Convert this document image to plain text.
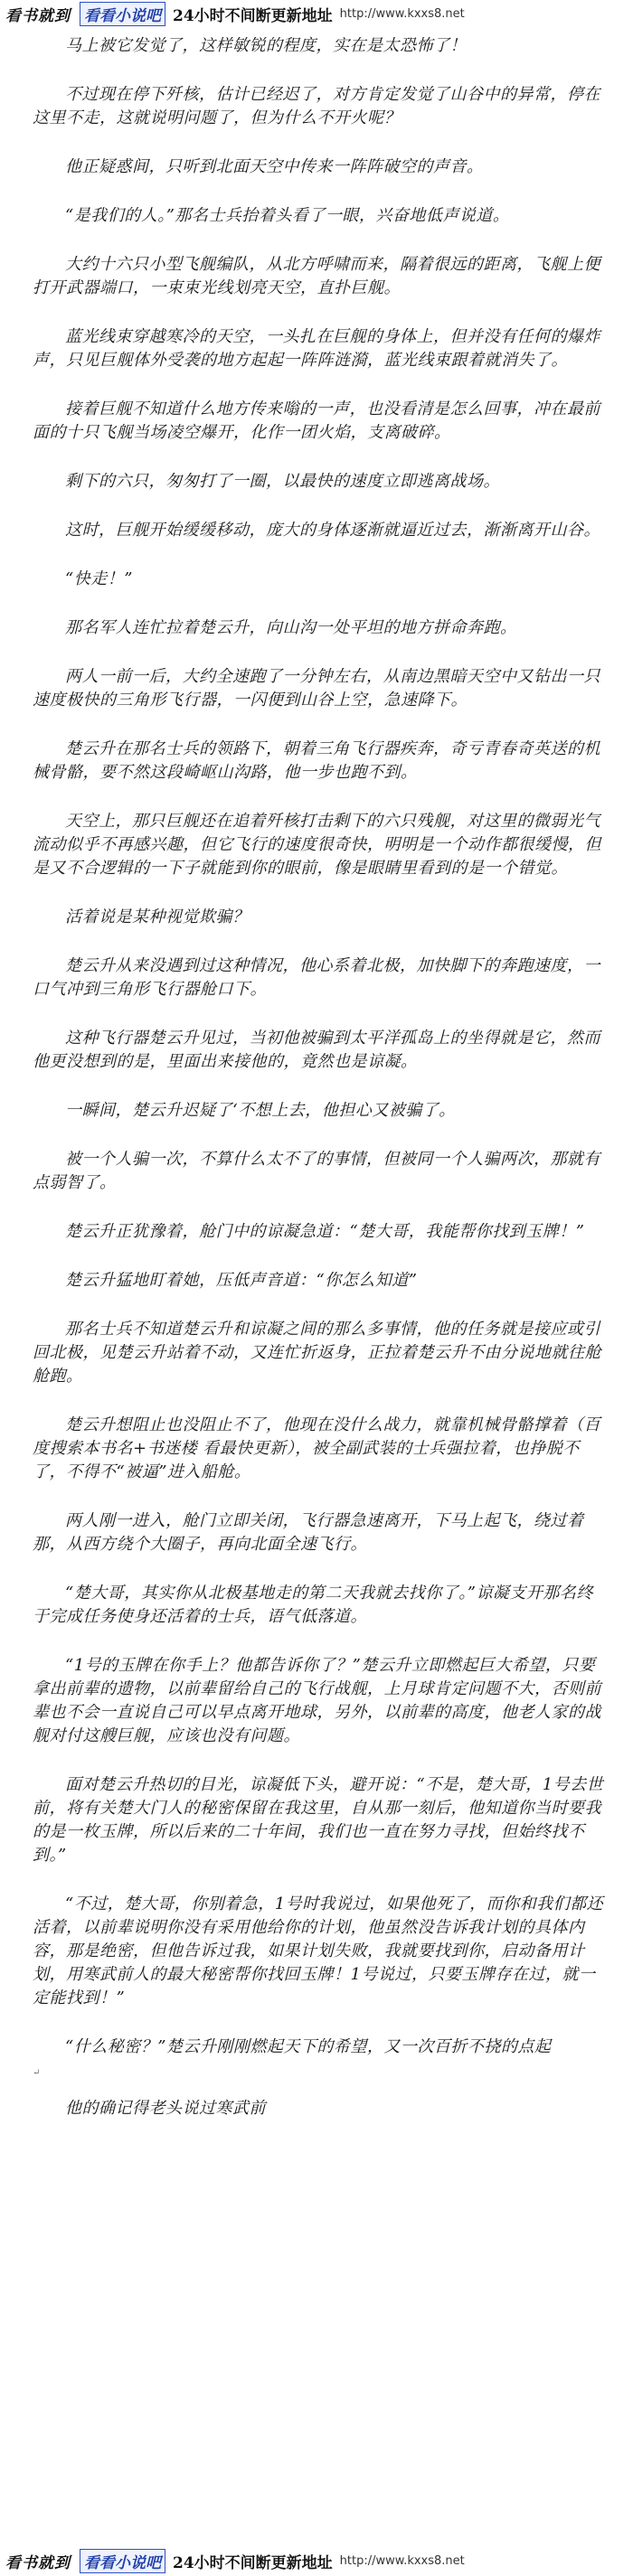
看书就到 看看小说吧 24小时不间断更新地址 http://www.kxxs8.net

马上被它发觉了，这样敏锐的程度，实在是太恐怖了！

不过现在停下歼核，估计已经迟了，对方肯定发觉了山谷中的异常，停在这里不走，这就说明问题了，但为什么不开火呢？

他正疑惑间，只听到北面天空中传来一阵阵破空的声音。

“是我们的人。”那名士兵抬着头看了一眼，兴奋地低声说道。

大约十六只小型飞舰编队，从北方呼啸而来，隔着很远的距离，飞舰上便打开武器端口，一束束光线划亮天空，直扑巨舰。

蓝光线束穿越寒冷的天空，一头扎在巨舰的身体上，但并没有任何的爆炸声，只见巨舰体外受袭的地方起起一阵阵涟漪，蓝光线束跟着就消失了。

接着巨舰不知道什么地方传来嗡的一声，也没看清是怎么回事，冲在最前面的十只飞舰当场凌空爆开，化作一团火焰，支离破碎。

剩下的六只，匆匆打了一圈，以最快的速度立即逃离战场。

这时，巨舰开始缓缓移动，庞大的身体逐渐就逼近过去，渐渐离开山谷。

“快走！”

那名军人连忙拉着楚云升，向山沟一处平坦的地方拼命奔跑。

两人一前一后，大约全速跑了一分钟左右，从南边黑暗天空中又钻出一只速度极快的三角形飞行器，一闪便到山谷上空，急速降下。

楚云升在那名士兵的领路下，朝着三角飞行器疾奔，奇亏青春奇英送的机械骨骼，要不然这段崎岖山沟路，他一步也跑不到。

天空上，那只巨舰还在追着歼核打击剩下的六只残舰，对这里的微弱光气流动似乎不再感兴趣，但它飞行的速度很奇快，明明是一个动作都很缓慢，但是又不合逻辑的一下子就能到你的眼前，像是眼睛里看到的是一个错觉。

活着说是某种视觉欺骗？

楚云升从来没遇到过这种情况，他心系着北极，加快脚下的奔跑速度，一口气冲到三角形飞行器舱口下。

这种飞行器楚云升见过，当初他被骗到太平洋孤岛上的坐得就是它，然而他更没想到的是，里面出来接他的，竟然也是谅凝。

一瞬间，楚云升迟疑了‘不想上去，他担心又被骗了。

被一个人骗一次，不算什么太不了的事情，但被同一个人骗两次，那就有点弱智了。

楚云升正犹豫着，舱门中的谅凝急道：“楚大哥，我能帮你找到玉牌！”

楚云升猛地盯着她，压低声音道：“你怎么知道”

那名士兵不知道楚云升和谅凝之间的那么多事情，他的任务就是接应或引回北极，见楚云升站着不动，又连忙折返身，正拉着楚云升不由分说地就往舱舱跑。

楚云升想阻止也没阻止不了，他现在没什么战力，就靠机械骨骼撑着（百度搜索本书名+书迷楼 看最快更新），被全副武装的士兵强拉着，也挣脱不了，不得不“被逼”进入船舱。

两人刚一进入，舱门立即关闭，飞行器急速离开，下马上起飞，绕过着那，从西方绕个大圈子，再向北面全速飞行。

“楚大哥，其实你从北极基地走的第二天我就去找你了。”谅凝支开那名终于完成任务使身还活着的士兵，语气低落道。

“1号的玉牌在你手上？他都告诉你了？”楚云升立即燃起巨大希望，只要拿出前辈的遗物，以前辈留给自己的飞行战舰，上月球肯定问题不大，否则前辈也不会一直说自己可以早点离开地球，另外，以前辈的高度，他老人家的战舰对付这艘巨舰，应该也没有问题。

面对楚云升热切的目光，谅凝低下头，避开说：“不是，楚大哥，1号去世前，将有关楚大门人的秘密保留在我这里，自从那一刻后，他知道你当时要我的是一枚玉牌，所以后来的二十年间，我们也一直在努力寻找，但始终找不到。”

“不过，楚大哥，你别着急，1号时我说过，如果他死了，而你和我们都还活着，以前辈说明你没有采用他给你的计划，他虽然没告诉我计划的具体内容，那是绝密，但他告诉过我，如果计划失败，我就要找到你，启动备用计划，用寒武前人的最大秘密帮你找回玉牌！1号说过，只要玉牌存在过，就一定能找到！”

“什么秘密？”楚云升刚刚燃起天下的希望，又一次百折不挠的点起

↵

他的确记得老头说过寒武前

看书就到 看看小说吧 24小时不间断更新地址 http://www.kxxs8.net
